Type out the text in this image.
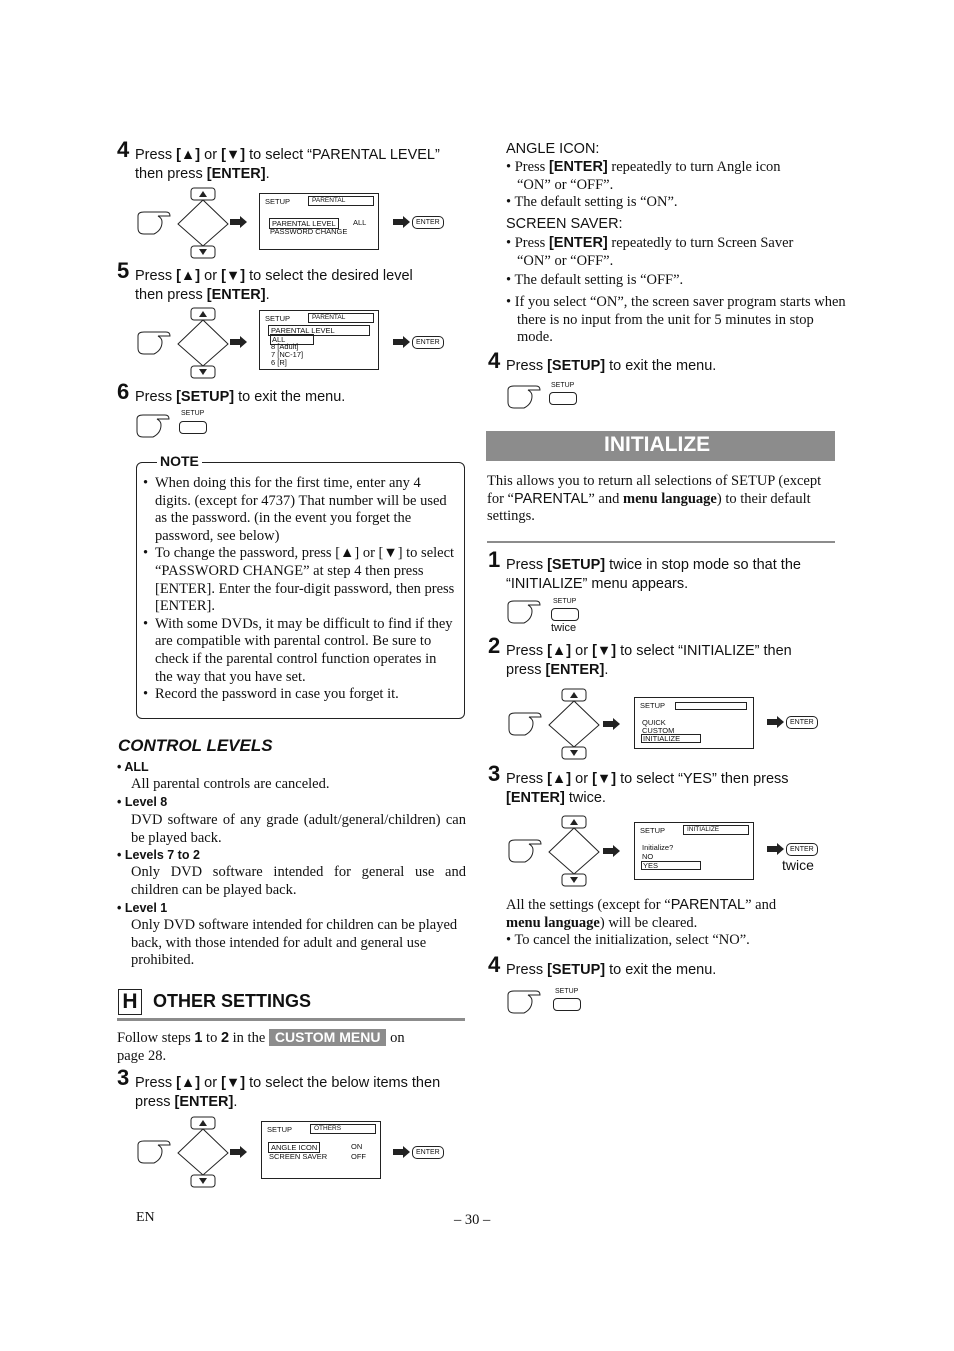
4 Press [▲] or [▼] to select “PARENTAL LEVEL”
then press [ENTER].
SETUP	PARENTAL
PARENTAL LEVEL	ALL
PASSWORD CHANGE
ENTER
5 Press [▲] or [▼] to select the desired level
then press [ENTER].
SETUP	PARENTAL
PARENTAL LEVEL
ALL
8 [Adult]
7 [NC-17]
6 [R]
ENTER
6 Press [SETUP] to exit the menu.
SETUP
NOTE
• When doing this for the first time, enter any 4 digits. (except for 4737) That number will be used as the password. (in the event you forget the password, see below)
• To change the password, press [▲] or [▼] to select “PASSWORD CHANGE” at step 4 then press [ENTER]. Enter the four-digit password, then press [ENTER].
• With some DVDs, it may be difficult to find if they are compatible with parental control. Be sure to check if the parental control function operates in the way that you have set.
• Record the password in case you forget it.
CONTROL LEVELS
• ALL
All parental controls are canceled.
• Level 8
DVD software of any grade (adult/general/children) can be played back.
• Levels 7 to 2
Only DVD software intended for general use and children can be played back.
• Level 1
Only DVD software intended for children can be played back, with those intended for adult and general use prohibited.
H OTHER SETTINGS
Follow steps 1 to 2 in the CUSTOM MENU on
page 28.
3 Press [▲] or [▼] to select the below items then
press [ENTER].
SETUP	OTHERS
ANGLE ICON	ON
SCREEN SAVER	OFF	ENTER
EN	– 30 –
ANGLE ICON:
• Press [ENTER] repeatedly to turn Angle icon
“ON” or “OFF”.
• The default setting is “ON”.
SCREEN SAVER:
• Press [ENTER] repeatedly to turn Screen Saver
“ON” or “OFF”.
• The default setting is “OFF”.
• If you select “ON”, the screen saver program starts when there is no input from the unit for 5 minutes in stop mode.
4 Press [SETUP] to exit the menu.
SETUP
INITIALIZE
This allows you to return all selections of SETUP (except for “PARENTAL” and menu language) to their default settings.
1 Press [SETUP] twice in stop mode so that the
“INITIALIZE” menu appears.
SETUP
twice
2 Press [▲] or [▼] to select “INITIALIZE” then
press [ENTER].
SETUP
QUICK
CUSTOM
INITIALIZE
ENTER
3 Press [▲] or [▼] to select “YES” then press
[ENTER] twice.
SETUP	INITIALIZE
Initialize?
NO
YES
ENTER
twice
All the settings (except for “PARENTAL” and
menu language) will be cleared.
• To cancel the initialization, select “NO”.
4 Press [SETUP] to exit the menu.
SETUP
